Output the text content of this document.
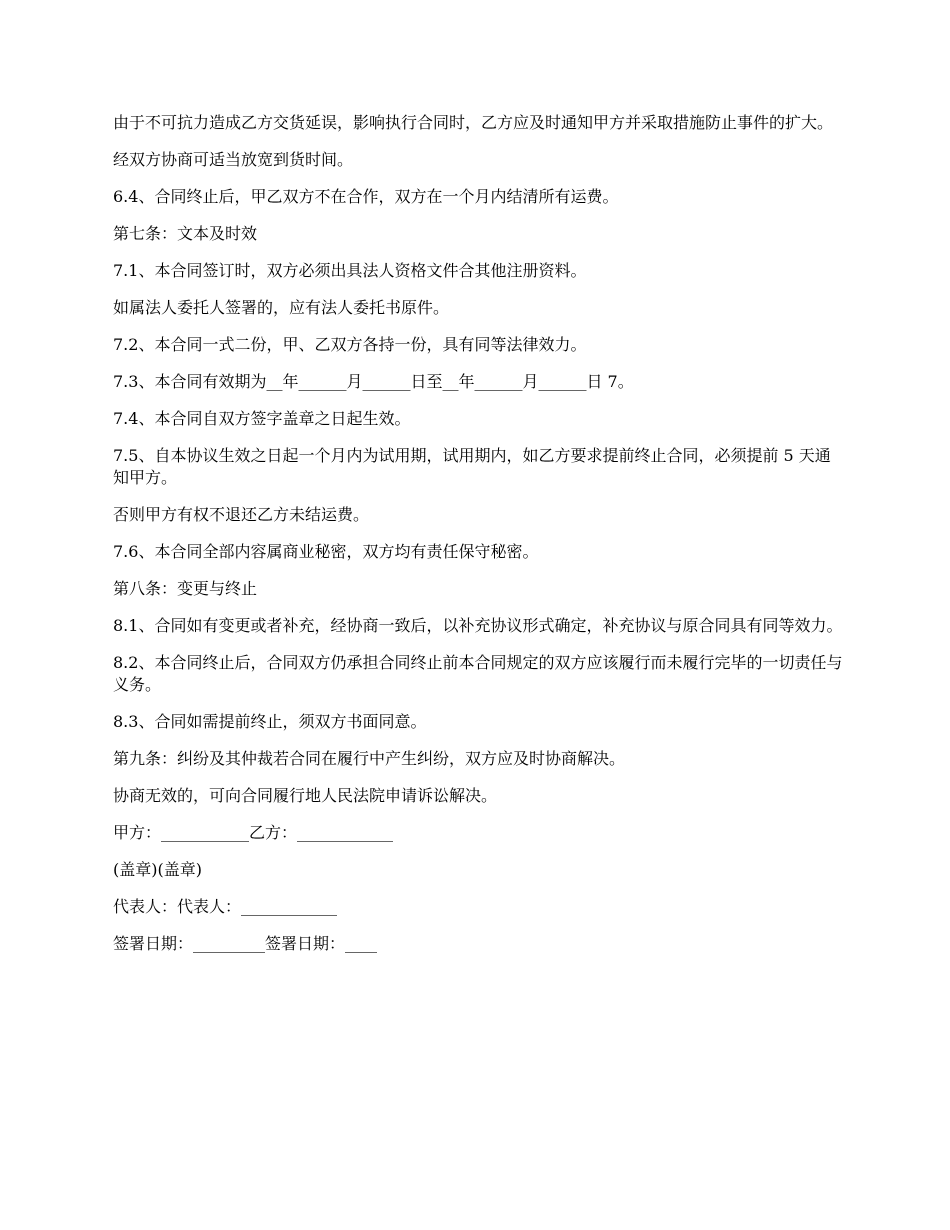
由于不可抗力造成乙方交货延误，影响执行合同时，乙方应及时通知甲方并采取措施防止事件的扩大。

经双方协商可适当放宽到货时间。

6.4、合同终止后，甲乙双方不在合作，双方在一个月内结清所有运费。

第七条：文本及时效

7.1、本合同签订时，双方必须出具法人资格文件合其他注册资料。

如属法人委托人签署的，应有法人委托书原件。

7.2、本合同一式二份，甲、乙双方各持一份，具有同等法律效力。

7.3、本合同有效期为__年______月______日至__年______月______日 7。

7.4、本合同自双方签字盖章之日起生效。

7.5、自本协议生效之日起一个月内为试用期，试用期内，如乙方要求提前终止合同，必须提前 5 天通知甲方。

否则甲方有权不退还乙方未结运费。

7.6、本合同全部内容属商业秘密，双方均有责任保守秘密。

第八条：变更与终止

8.1、合同如有变更或者补充，经协商一致后，以补充协议形式确定，补充协议与原合同具有同等效力。

8.2、本合同终止后，合同双方仍承担合同终止前本合同规定的双方应该履行而未履行完毕的一切责任与义务。

8.3、合同如需提前终止，须双方书面同意。

第九条：纠纷及其仲裁若合同在履行中产生纠纷，双方应及时协商解决。

协商无效的，可向合同履行地人民法院申请诉讼解决。

甲方：___________乙方：____________

(盖章)(盖章)

代表人：代表人：____________

签署日期：_________签署日期：____
